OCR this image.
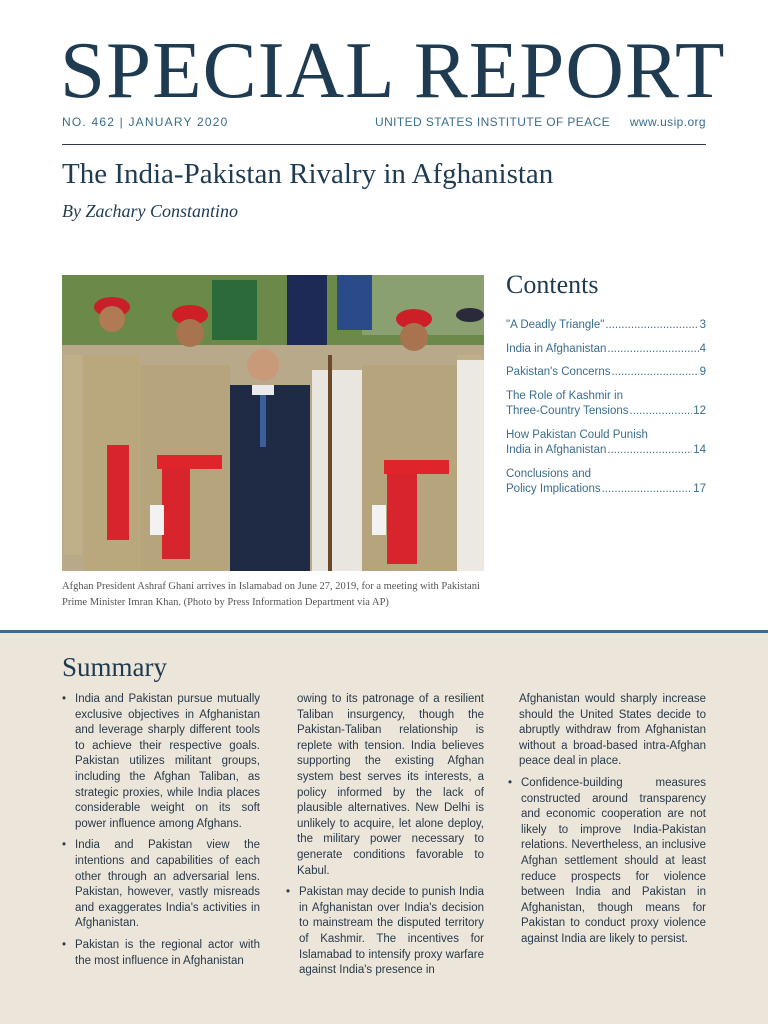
SPECIAL REPORT
NO. 462 | JANUARY 2020	UNITED STATES INSTITUTE OF PEACE www.usip.org
The India-Pakistan Rivalry in Afghanistan
By Zachary Constantino
Afghan President Ashraf Ghani arrives in Islamabad on June 27, 2019, for a meeting with Pakistani Prime Minister Imran Khan. (Photo by Press Information Department via AP)
Contents
"A Deadly Triangle" .....	3
India in Afghanistan .....	4
Pakistan's Concerns .....	9
The Role of Kashmir in
Three-Country Tensions .....	12
How Pakistan Could Punish
India in Afghanistan .....	14
Conclusions and
Policy Implications .....	17
Summary
• India and Pakistan pursue mutually exclusive objectives in Afghanistan and leverage sharply different tools to achieve their respective goals. Pakistan utilizes militant groups, including the Afghan Taliban, as strategic proxies, while India places considerable weight on its soft power influence among Afghans.
• India and Pakistan view the intentions and capabilities of each other through an adversarial lens. Pakistan, however, vastly misreads and exaggerates India's activities in Afghanistan.
• Pakistan is the regional actor with the most influence in Afghanistan
owing to its patronage of a resilient Taliban insurgency, though the Pakistan-Taliban relationship is replete with tension. India believes supporting the existing Afghan system best serves its interests, a policy informed by the lack of plausible alternatives. New Delhi is unlikely to acquire, let alone deploy, the military power necessary to generate conditions favorable to Kabul.
• Pakistan may decide to punish India in Afghanistan over India's decision to mainstream the disputed territory of Kashmir. The incentives for Islamabad to intensify proxy warfare against India's presence in
Afghanistan would sharply increase should the United States decide to abruptly withdraw from Afghanistan without a broad-based intra-Afghan peace deal in place.
• Confidence-building measures constructed around transparency and economic cooperation are not likely to improve India-Pakistan relations. Nevertheless, an inclusive Afghan settlement should at least reduce prospects for violence between India and Pakistan in Afghanistan, though means for Pakistan to conduct proxy violence against India are likely to persist.
